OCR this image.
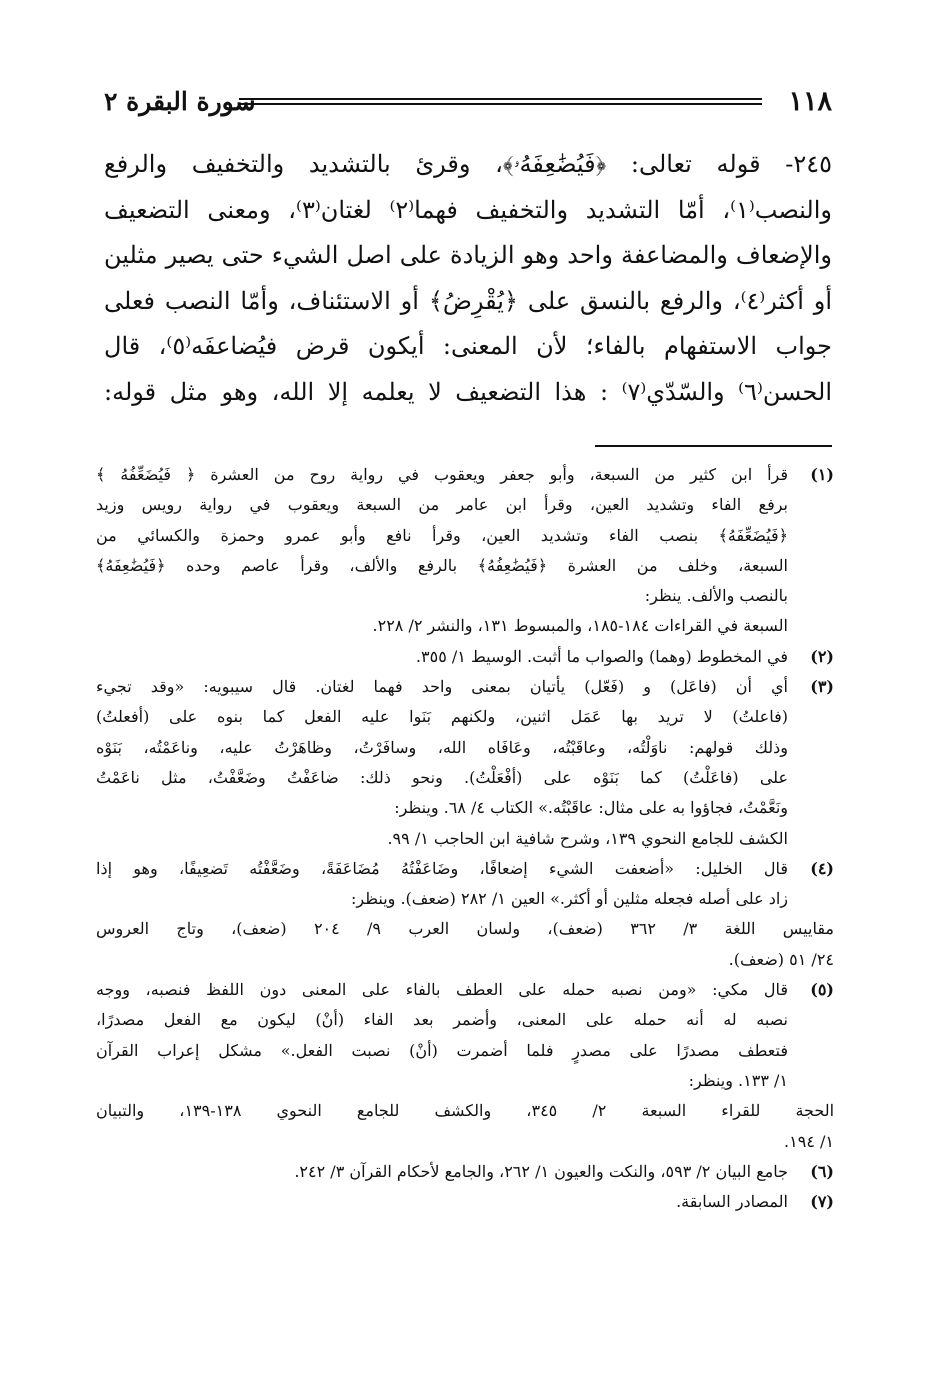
١١٨
سورة البقرة ٢
٢٤٥- قوله تعالى: ﴿فَيُضَٰعِفَهُۥ﴾، وقرئ بالتشديد والتخفيف والرفع
والنصب⁽١⁾، أمّا التشديد والتخفيف فهما⁽٢⁾ لغتان⁽٣⁾، ومعنى التضعيف
والإضعاف والمضاعفة واحد وهو الزيادة على اصل الشيء حتى يصير مثلين
أو أكثر⁽٤⁾، والرفع بالنسق على ﴿يُقْرِضُ﴾ أو الاستئناف، وأمّا النصب فعلى
جواب الاستفهام بالفاء؛ لأن المعنى: أيكون قرض فيُضاعفَه⁽٥⁾، قال
الحسن⁽٦⁾ والسّدّي⁽٧⁾ : هذا التضعيف لا يعلمه إلا الله، وهو مثل قوله:
(١)
قرأ ابن كثير من السبعة، وأبو جعفر ويعقوب في رواية روح من العشرة ﴿ فَيُضَعِّفُهُ ﴾
برفع الفاء وتشديد العين، وقرأ ابن عامر من السبعة ويعقوب في رواية رويس وزيد
﴿فَيُضَعِّفَهُ﴾ بنصب الفاء وتشديد العين، وقرأ نافع وأبو عمرو وحمزة والكسائي من
السبعة، وخلف من العشرة ﴿فَيُضَٰعِفُهُ﴾ بالرفع والألف، وقرأ عاصم وحده ﴿فَيُضَٰعِفَهُ﴾
بالنصب والألف. ينظر:
السبعة في القراءات ١٨٤-١٨٥، والمبسوط ١٣١، والنشر ٢/ ٢٢٨.
(٢)
في المخطوط (وهما) والصواب ما أثبت. الوسيط ١/ ٣٥٥.
(٣)
أي أن (فاعَل) و (فَعّل) يأتيان بمعنى واحد فهما لغتان. قال سيبويه: «وقد تجيء
(فاعلتُ) لا تريد بها عَمَل اثنين، ولكنهم بَنَوا عليه الفعل كما بنوه على (أفعلتُ)
وذلك قولهم: ناوَلْتُه، وعاقَبْتُه، وعَافَاه الله، وسافَرْتُ، وظاهَرْتُ عليه، وناعَمْتُه، بَنَوْه
على (فاعَلْتُ) كما بَنَوْه على (أفْعَلْتُ). ونحو ذلك: ضاعَفْتُ وضَعَّفْتُ، مثل ناعَمْتُ
ونَعَّمْتُ، فجاؤوا به على مثال: عاقَبْتُه.» الكتاب ٤/ ٦٨. وينظر:
الكشف للجامع النحوي ١٣٩، وشرح شافية ابن الحاجب ١/ ٩٩.
(٤)
قال الخليل: «أضعفت الشيء إضعافًا، وضَاعَفْتُهُ مُضَاعَفَةً، وضَعَّفْتُه تَضعِيفًا، وهو إذا
زاد على أصله فجعله مثلين أو أكثر.» العين ١/ ٢٨٢ (ضعف). وينظر:
مقاييس اللغة ٣/ ٣٦٢ (ضعف)، ولسان العرب ٩/ ٢٠٤ (ضعف)، وتاج العروس
٢٤/ ٥١ (ضعف).
(٥)
قال مكي: «ومن نصبه حمله على العطف بالفاء على المعنى دون اللفظ فنصبه، ووجه
نصبه له أنه حمله على المعنى، وأضمر بعد الفاء (أنْ) ليكون مع الفعل مصدرًا،
فتعطف مصدرًا على مصدرٍ فلما أضمرت (أنْ) نصبت الفعل.» مشكل إعراب القرآن
١/ ١٣٣. وينظر:
الحجة للقراء السبعة ٢/ ٣٤٥، والكشف للجامع النحوي ١٣٨-١٣٩، والتبيان
١/ ١٩٤.
(٦)
جامع البيان ٢/ ٥٩٣، والنكت والعيون ١/ ٢٦٢، والجامع لأحكام القرآن ٣/ ٢٤٢.
(٧)
المصادر السابقة.
